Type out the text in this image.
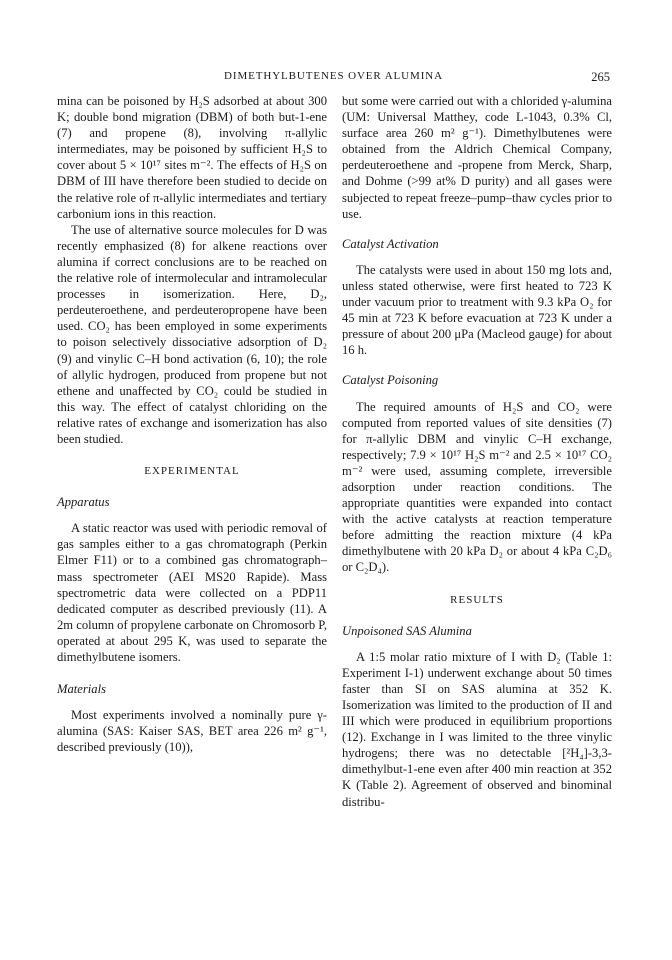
DIMETHYLBUTENES OVER ALUMINA	265

mina can be poisoned by H₂S adsorbed at about 300 K; double bond migration (DBM) of both but-1-ene (7) and propene (8), involving π-allylic intermediates, may be poisoned by sufficient H₂S to cover about 5 × 10¹⁷ sites m⁻². The effects of H₂S on DBM of III have therefore been studied to decide on the relative role of π-allylic intermediates and tertiary carbonium ions in this reaction.

The use of alternative source molecules for D was recently emphasized (8) for alkene reactions over alumina if correct conclusions are to be reached on the relative role of intermolecular and intramolecular processes in isomerization. Here, D₂, perdeuteroethene, and perdeuteropropene have been used. CO₂ has been employed in some experiments to poison selectively dissociative adsorption of D₂ (9) and vinylic C–H bond activation (6, 10); the role of allylic hydrogen, produced from propene but not ethene and unaffected by CO₂ could be studied in this way. The effect of catalyst chloriding on the relative rates of exchange and isomerization has also been studied.

EXPERIMENTAL
Apparatus

A static reactor was used with periodic removal of gas samples either to a gas chromatograph (Perkin Elmer F11) or to a combined gas chromatograph–mass spectrometer (AEI MS20 Rapide). Mass spectrometric data were collected on a PDP11 dedicated computer as described previously (11). A 2m column of propylene carbonate on Chromosorb P, operated at about 295 K, was used to separate the dimethylbutene isomers.

Materials

Most experiments involved a nominally pure γ-alumina (SAS: Kaiser SAS, BET area 226 m² g⁻¹, described previously (10)),

but some were carried out with a chlorided γ-alumina (UM: Universal Matthey, code L-1043, 0.3% Cl, surface area 260 m² g⁻¹). Dimethylbutenes were obtained from the Aldrich Chemical Company, perdeuteroethene and -propene from Merck, Sharp, and Dohme (>99 at% D purity) and all gases were subjected to repeat freeze–pump–thaw cycles prior to use.

Catalyst Activation

The catalysts were used in about 150 mg lots and, unless stated otherwise, were first heated to 723 K under vacuum prior to treatment with 9.3 kPa O₂ for 45 min at 723 K before evacuation at 723 K under a pressure of about 200 μPa (Macleod gauge) for about 16 h.

Catalyst Poisoning

The required amounts of H₂S and CO₂ were computed from reported values of site densities (7) for π-allylic DBM and vinylic C–H exchange, respectively; 7.9 × 10¹⁷ H₂S m⁻² and 2.5 × 10¹⁷ CO₂ m⁻² were used, assuming complete, irreversible adsorption under reaction conditions. The appropriate quantities were expanded into contact with the active catalysts at reaction temperature before admitting the reaction mixture (4 kPa dimethylbutene with 20 kPa D₂ or about 4 kPa C₂D₆ or C₂D₄).

RESULTS
Unpoisoned SAS Alumina

A 1:5 molar ratio mixture of I with D₂ (Table 1: Experiment I-1) underwent exchange about 50 times faster than SI on SAS alumina at 352 K. Isomerization was limited to the production of II and III which were produced in equilibrium proportions (12). Exchange in I was limited to the three vinylic hydrogens; there was no detectable [²H₄]-3,3-dimethylbut-1-ene even after 400 min reaction at 352 K (Table 2). Agreement of observed and binominal distribu-
